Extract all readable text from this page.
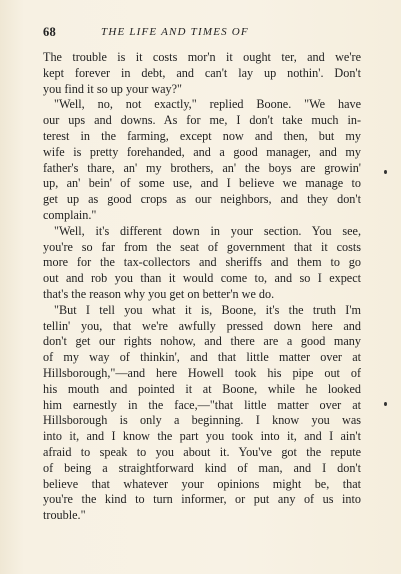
68	THE LIFE AND TIMES OF
The trouble is it costs mor'n it ought ter, and we're
kept forever in debt, and can't lay up nothin'. Don't
you find it so up your way?"
"Well, no, not exactly," replied Boone. "We have
our ups and downs. As for me, I don't take much in-
terest in the farming, except now and then, but my
wife is pretty forehanded, and a good manager, and my
father's thare, an' my brothers, an' the boys are growin'
up, an' bein' of some use, and I believe we manage to
get up as good crops as our neighbors, and they don't
complain."
"Well, it's different down in your section. You see,
you're so far from the seat of government that it costs
more for the tax-collectors and sheriffs and them to go
out and rob you than it would come to, and so I expect
that's the reason why you get on better'n we do.
"But I tell you what it is, Boone, it's the truth I'm
tellin' you, that we're awfully pressed down here and
don't get our rights nohow, and there are a good many
of my way of thinkin', and that little matter over at
Hillsborough,"—and here Howell took his pipe out of
his mouth and pointed it at Boone, while he looked
him earnestly in the face,—"that little matter over at
Hillsborough is only a beginning. I know you was
into it, and I know the part you took into it, and I ain't
afraid to speak to you about it. You've got the repute
of being a straightforward kind of man, and I don't
believe that whatever your opinions might be, that
you're the kind to turn informer, or put any of us into
trouble."
